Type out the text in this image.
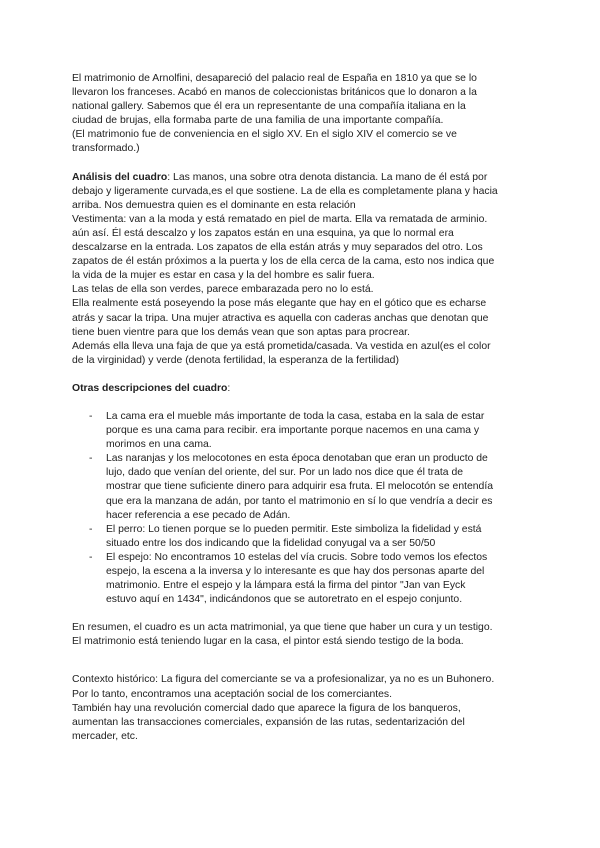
El matrimonio de Arnolfini, desapareció del palacio real de España en 1810 ya que se lo

llevaron los franceses. Acabó en manos de coleccionistas británicos que lo donaron a la

national gallery. Sabemos que él era un representante de una compañía italiana en la

ciudad de brujas, ella formaba parte de una familia de una importante compañía.

(El matrimonio fue de conveniencia en el siglo XV. En el siglo XIV el comercio se ve

transformado.)

Análisis del cuadro: Las manos, una sobre otra denota distancia. La mano de él está por

debajo y ligeramente curvada,es el que sostiene. La de ella es completamente plana y hacia

arriba. Nos demuestra quien es el dominante en esta relación

Vestimenta: van a la moda y está rematado en piel de marta. Ella va rematada de arminio.

aún así. Él está descalzo y los zapatos están en una esquina, ya que lo normal era

descalzarse en la entrada. Los zapatos de ella están atrás y muy separados del otro. Los

zapatos de él están próximos a la puerta y los de ella cerca de la cama, esto nos indica que

la vida de la mujer es estar en casa y la del hombre es salir fuera.

Las telas de ella son verdes, parece embarazada pero no lo está.

Ella realmente está poseyendo la pose más elegante que hay en el gótico que es echarse

atrás y sacar la tripa. Una mujer atractiva es aquella con caderas anchas que denotan que

tiene buen vientre para que los demás vean que son aptas para procrear.

Además ella lleva una faja de que ya está prometida/casada. Va vestida en azul(es el color

de la virginidad) y verde (denota fertilidad, la esperanza de la fertilidad)

Otras descripciones del cuadro:

- La cama era el mueble más importante de toda la casa, estaba en la sala de estar

porque es una cama para recibir. era importante porque nacemos en una cama y

morimos en una cama.

- Las naranjas y los melocotones en esta época denotaban que eran un producto de

lujo, dado que venían del oriente, del sur. Por un lado nos dice que él trata de

mostrar que tiene suficiente dinero para adquirir esa fruta. El melocotón se entendía

que era la manzana de adán, por tanto el matrimonio en sí lo que vendría a decir es

hacer referencia a ese pecado de Adán.

- El perro: Lo tienen porque se lo pueden permitir. Este simboliza la fidelidad y está

situado entre los dos indicando que la fidelidad conyugal va a ser 50/50

- El espejo: No encontramos 10 estelas del vía crucis. Sobre todo vemos los efectos

espejo, la escena a la inversa y lo interesante es que hay dos personas aparte del

matrimonio. Entre el espejo y la lámpara está la firma del pintor "Jan van Eyck

estuvo aquí en 1434", indicándonos que se autoretrato en el espejo conjunto.

En resumen, el cuadro es un acta matrimonial, ya que tiene que haber un cura y un testigo.

El matrimonio está teniendo lugar en la casa, el pintor está siendo testigo de la boda.

Contexto histórico: La figura del comerciante se va a profesionalizar, ya no es un Buhonero.

Por lo tanto, encontramos una aceptación social de los comerciantes.

También hay una revolución comercial dado que aparece la figura de los banqueros,

aumentan las transacciones comerciales, expansión de las rutas, sedentarización del

mercader, etc.
